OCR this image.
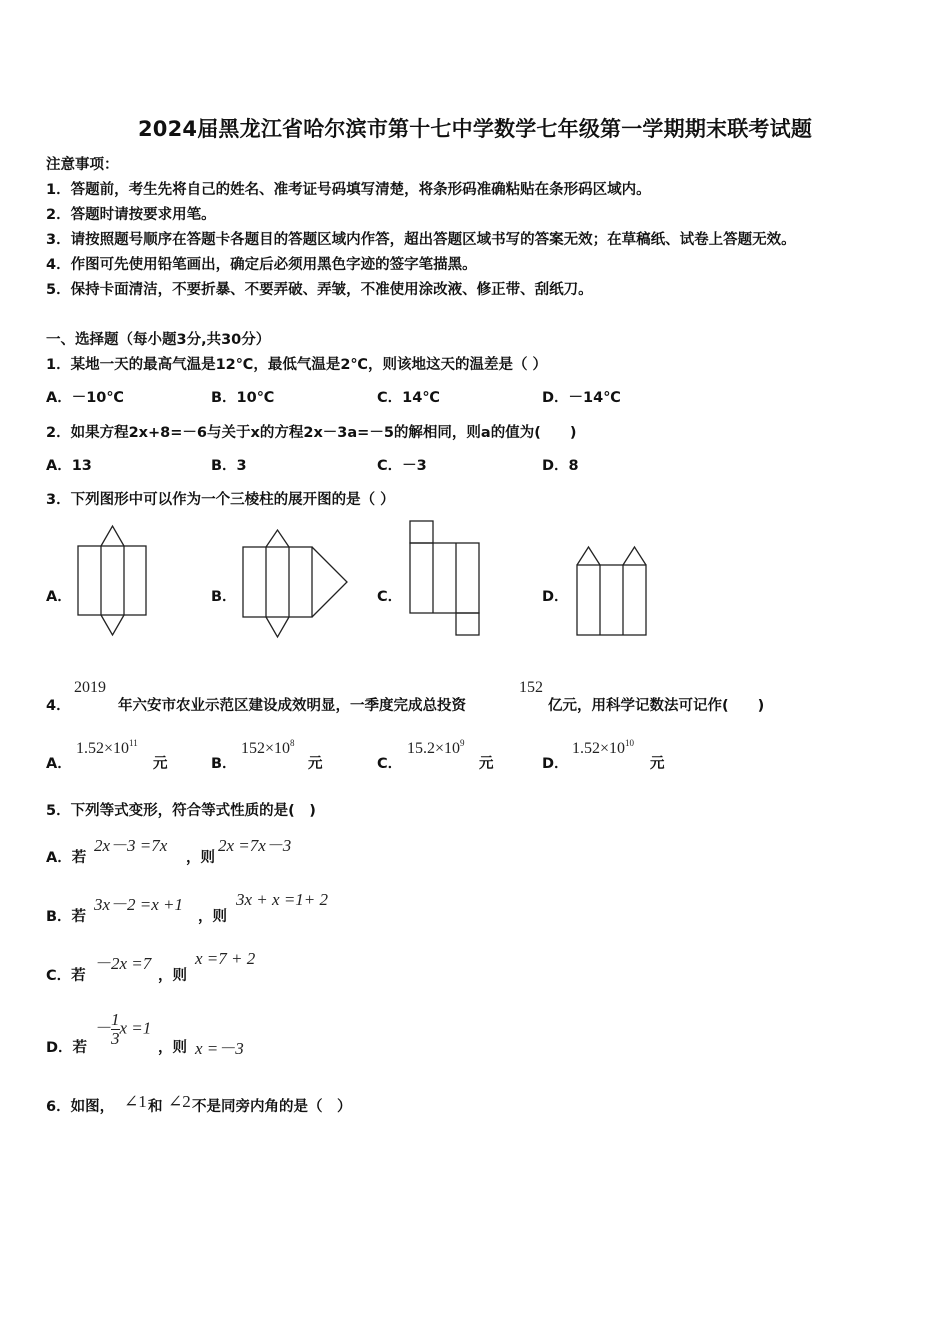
2024届黑龙江省哈尔滨市第十七中学数学七年级第一学期期末联考试题
注意事项：
1．答题前，考生先将自己的姓名、准考证号码填写清楚，将条形码准确粘贴在条形码区域内。
2．答题时请按要求用笔。
3．请按照题号顺序在答题卡各题目的答题区域内作答，超出答题区域书写的答案无效；在草稿纸、试卷上答题无效。
4．作图可先使用铅笔画出，确定后必须用黑色字迹的签字笔描黑。
5．保持卡面清洁，不要折暴、不要弄破、弄皱，不准使用涂改液、修正带、刮纸刀。
一、选择题（每小题3分,共30分）
1．某地一天的最高气温是12℃，最低气温是2℃，则该地这天的温差是（ ）
A．－10℃	B．10℃	C．14℃	D．－14℃
2．如果方程2x+8=－6与关于x的方程2x－3a=－5的解相同，则a的值为(　　)
A．13	B．3	C．－3	D．8
3．下列图形中可以作为一个三棱柱的展开图的是（ ）
A．	B．	C．	D．
4．
2019
年六安市农业示范区建设成效明显，一季度完成总投资
152
亿元，用科学记数法可记作(　　)
A．
$1.52\times 10^{11}$
元	B．
$152\times 10^8$
元	C．
$15.2\times 10^9$
元	D．
$1.52\times 10^{10}$
元
5．下列等式变形，符合等式性质的是(　)
A．若
2x－3 =7x
，则
2x =7x－3
B．若
3x－2 =x +1
，则
3x + x =1+ 2
C．若
－2x =7
，则
x =7 + 2
D．若
－ $\frac{1}{3}$ x =1
，则 x =－3
6．如图， ∠1 和 ∠2 不是同旁内角的是（　）
